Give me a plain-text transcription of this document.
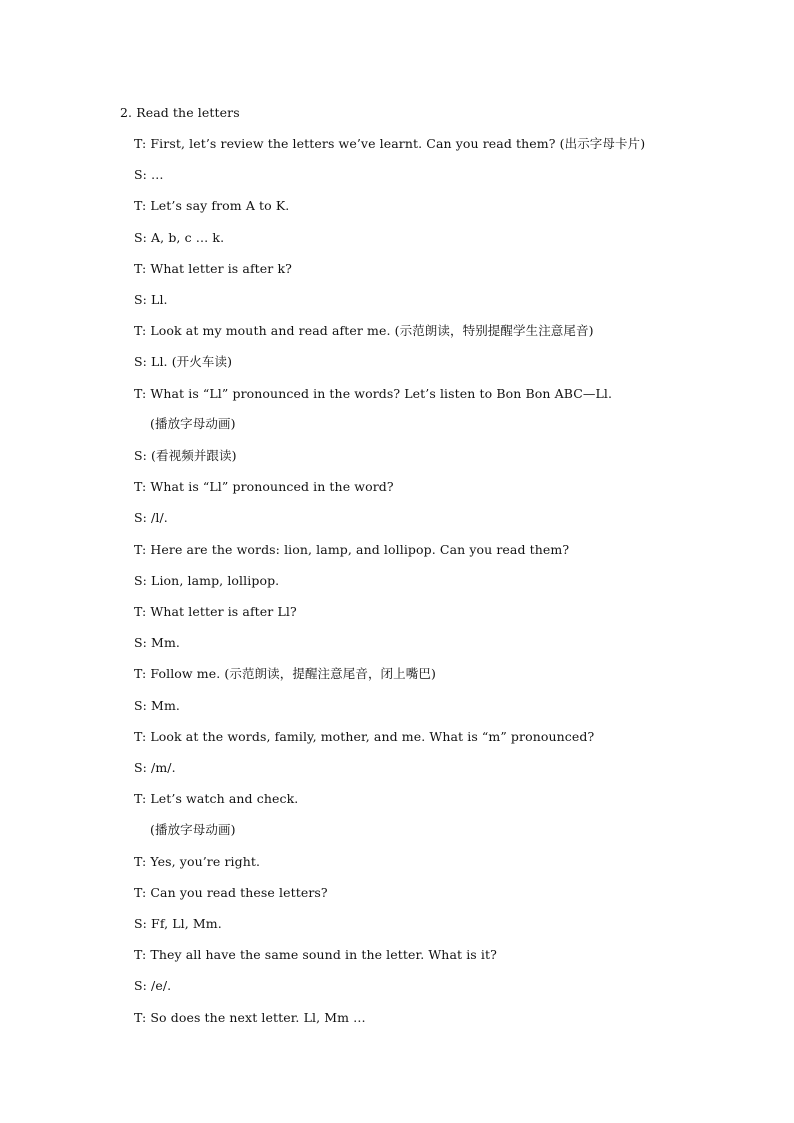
2. Read the letters
T: First, let’s review the letters we’ve learnt. Can you read them? (出示字母卡片)
S: …
T: Let’s say from A to K.
S: A, b, c … k.
T: What letter is after k?
S: Ll.
T: Look at my mouth and read after me. (示范朗读，特别提醒学生注意尾音)
S: Ll. (开火车读)
T: What is “Ll” pronounced in the words? Let’s listen to Bon Bon ABC—Ll.
(播放字母动画)
S: (看视频并跟读)
T: What is “Ll” pronounced in the word?
S: /l/.
T: Here are the words: lion, lamp, and lollipop. Can you read them?
S: Lion, lamp, lollipop.
T: What letter is after Ll?
S: Mm.
T: Follow me. (示范朗读，提醒注意尾音，闭上嘴巴)
S: Mm.
T: Look at the words, family, mother, and me. What is “m” pronounced?
S: /m/.
T: Let’s watch and check.
(播放字母动画)
T: Yes, you’re right.
T: Can you read these letters?
S: Ff, Ll, Mm.
T: They all have the same sound in the letter. What is it?
S: /e/.
T: So does the next letter. Ll, Mm …
